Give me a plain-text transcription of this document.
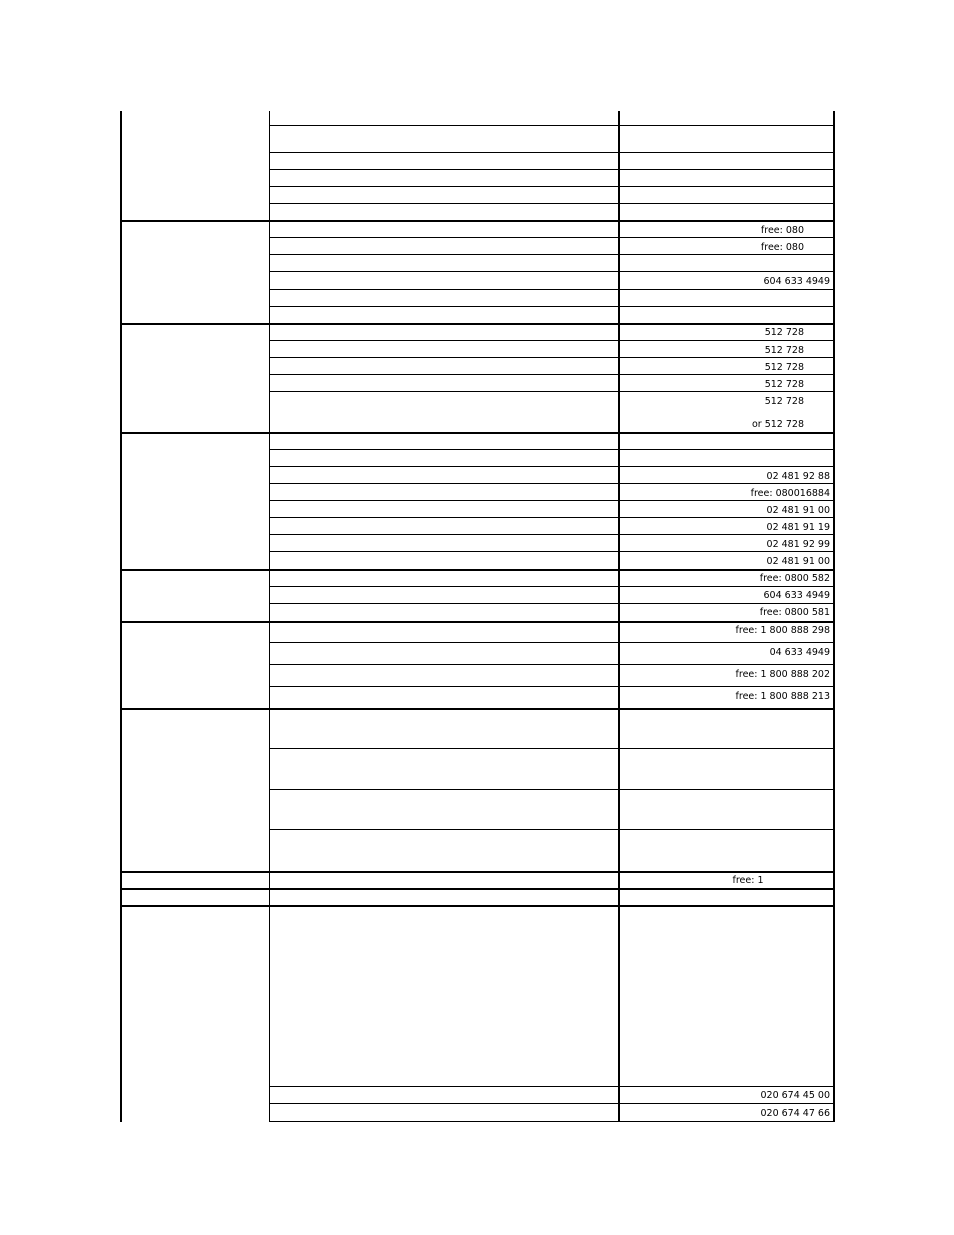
free: 080
free: 080
604 633 4949
512 728
512 728
512 728
512 728
512 728
02 481 92 88
free: 080016884
02 481 91 00
02 481 91 19
02 481 92 99
02 481 91 00
free: 0800 582
604 633 4949
free: 0800 581
free: 1 800 888 298
04 633 4949
free: 1 800 888 202
free: 1 800 888 213
free: 1
020 674 45 00
020 674 47 66
or 512 728
